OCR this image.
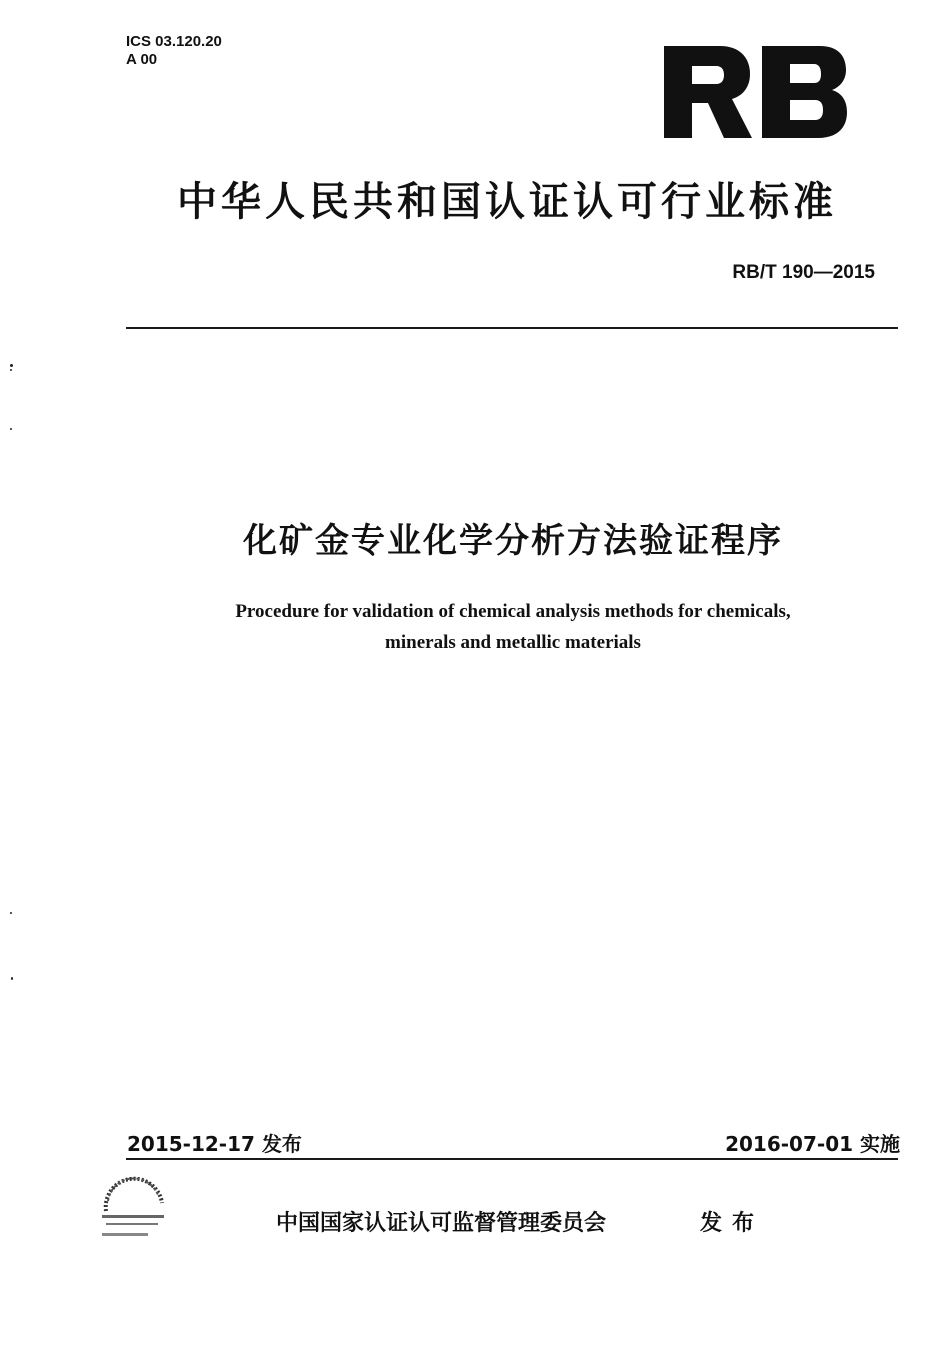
ICS 03.120.20
A 00
中华人民共和国认证认可行业标准
RB/T 190—2015
化矿金专业化学分析方法验证程序
Procedure for validation of chemical analysis methods for chemicals,
minerals and metallic materials
2015-12-17 发布	2016-07-01 实施
中国国家认证认可监督管理委员会	发布
